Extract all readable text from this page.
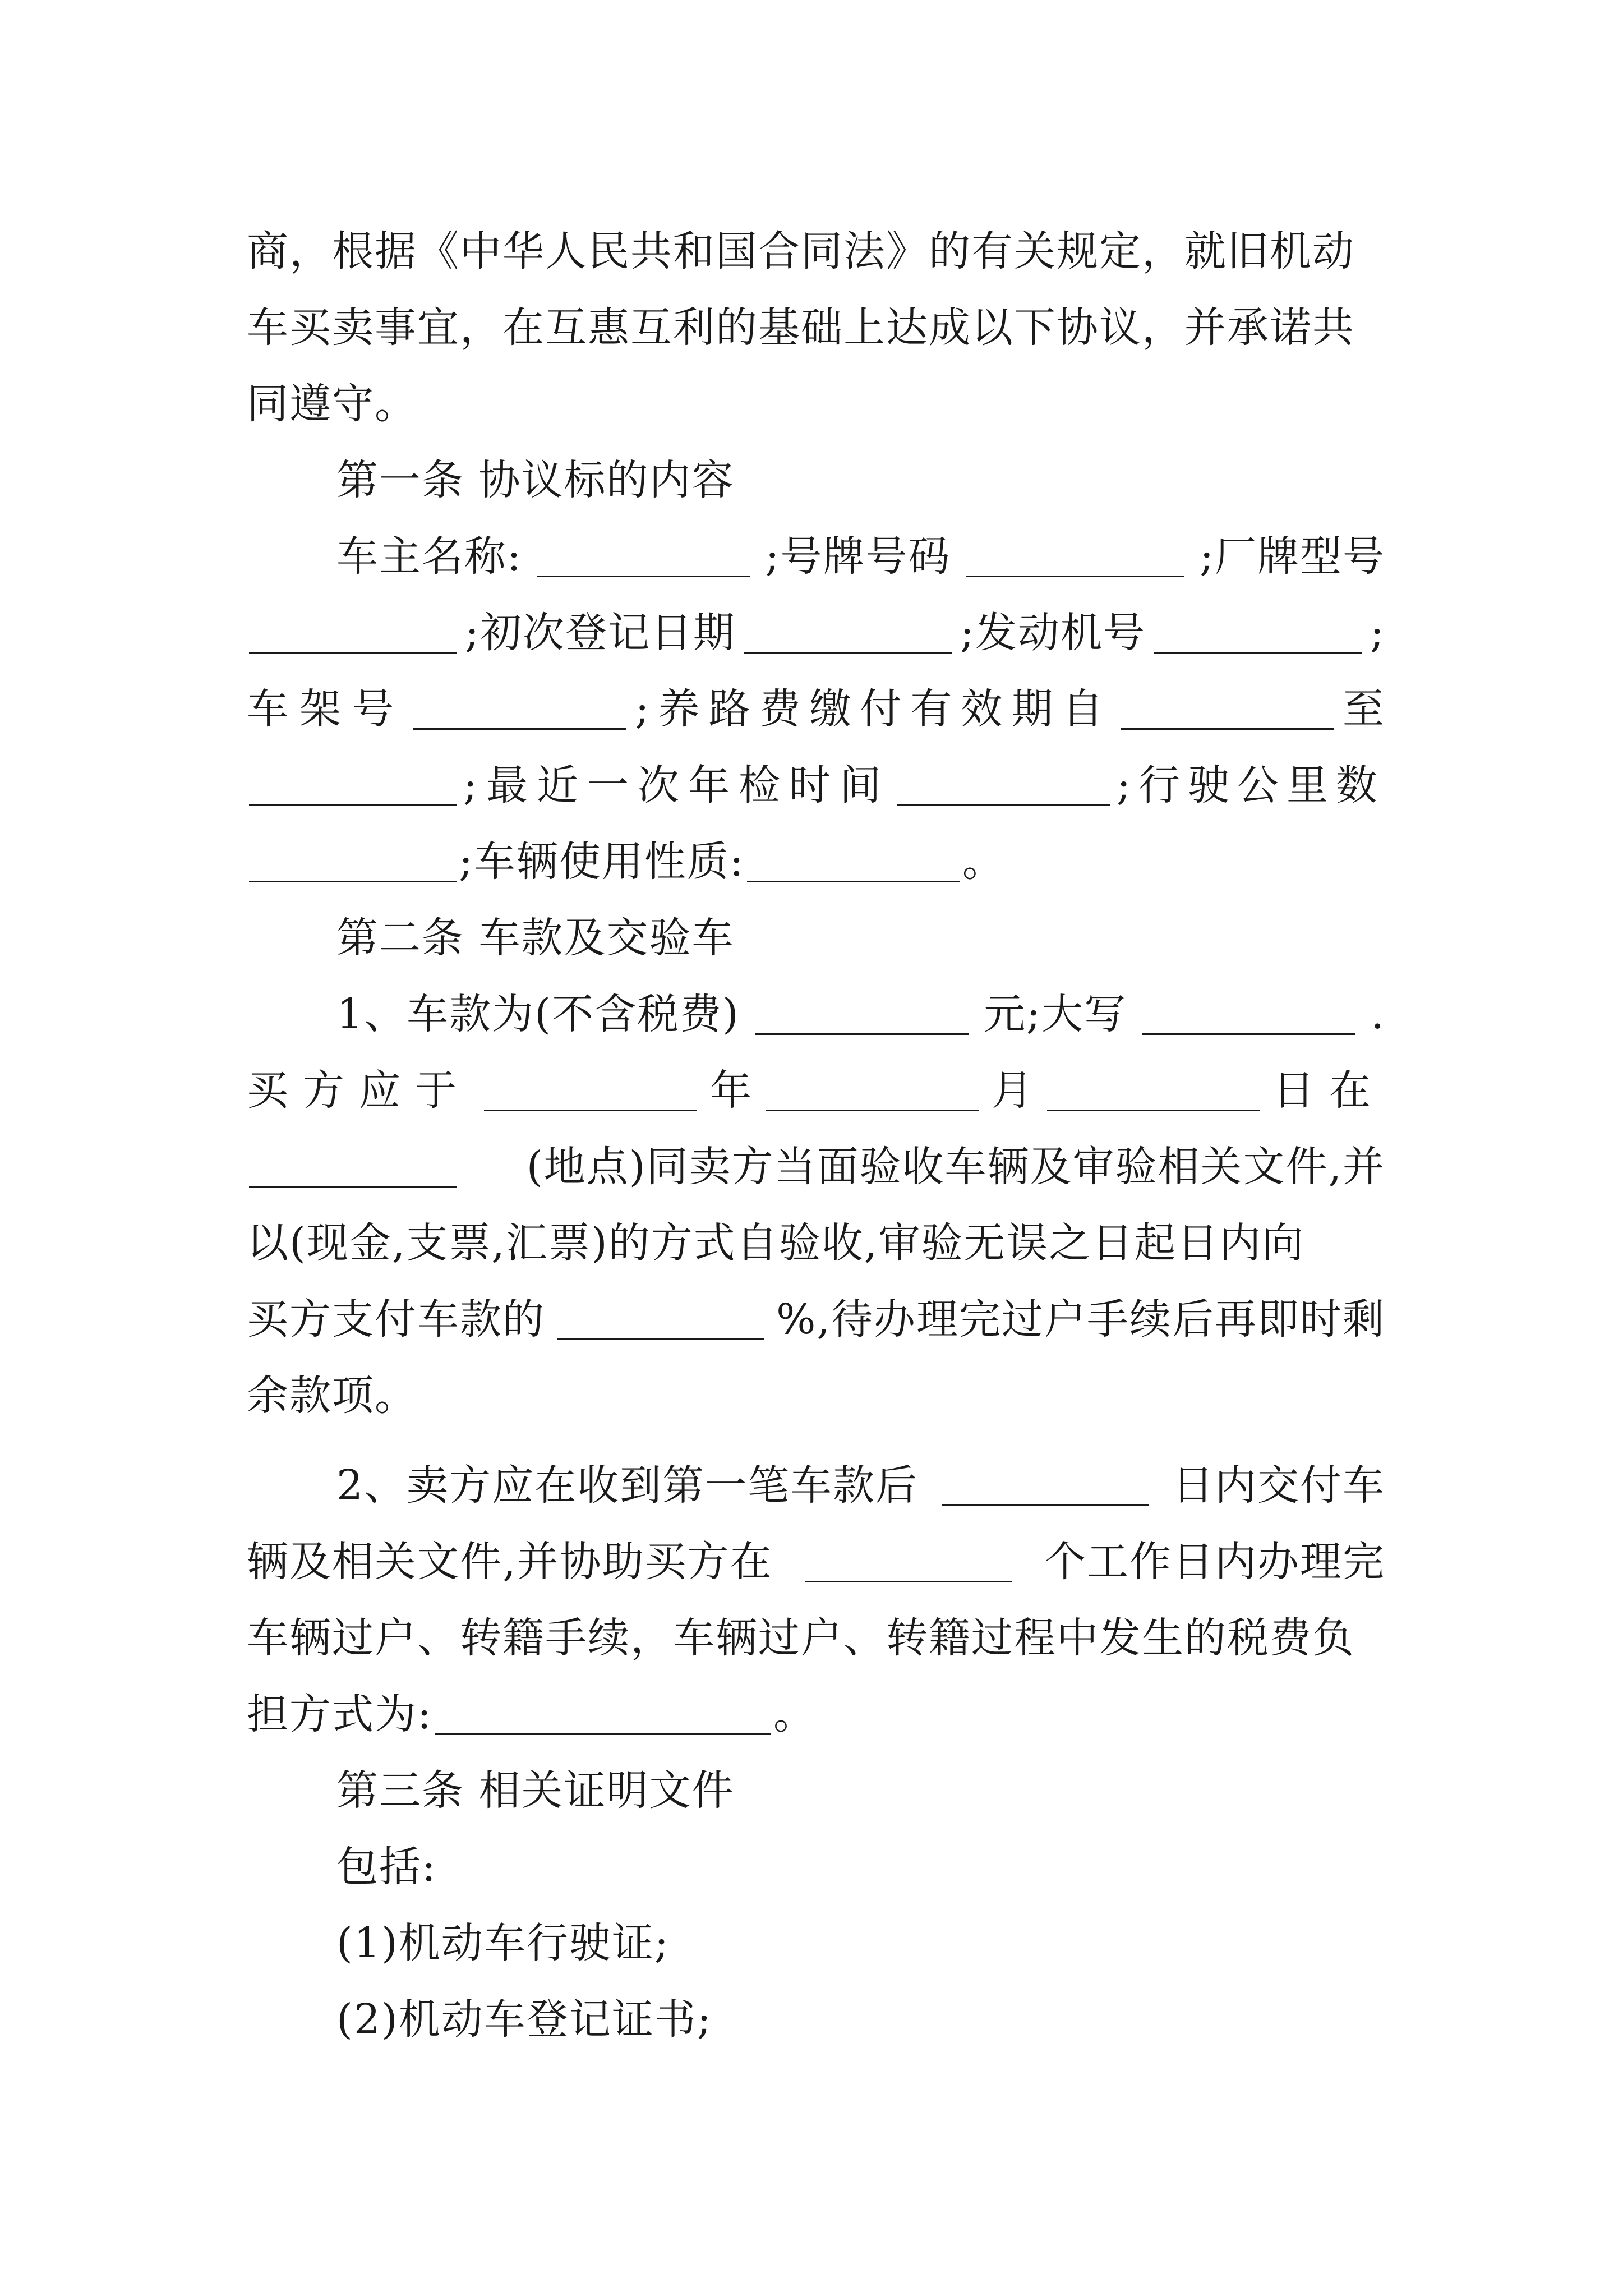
商，根据《中华人民共和国合同法》的有关规定，就旧机动
车买卖事宜，在互惠互利的基础上达成以下协议，并承诺共
同遵守。
第一条 协议标的内容
车主名称:	;号牌号码	;厂牌型号
;初次登记日期	;发动机号	;
车架号	;养路费缴付有效期自	至
;最近一次年检时间	;行驶公里数
;车辆使用性质:	。
第二条 车款及交验车
1、车款为(不含税费)	元;大写	.
买方应于	年	月	日在
(地点)同卖方当面验收车辆及审验相关文件,并
以(现金,支票,汇票)的方式自验收,审验无误之日起日内向
买方支付车款的	%,待办理完过户手续后再即时剩
余款项。
2、卖方应在收到第一笔车款后	日内交付车
辆及相关文件,并协助买方在	个工作日内办理完
车辆过户、转籍手续，车辆过户、转籍过程中发生的税费负
担方式为:	。
第三条 相关证明文件
包括:
(1)机动车行驶证;
(2)机动车登记证书;
